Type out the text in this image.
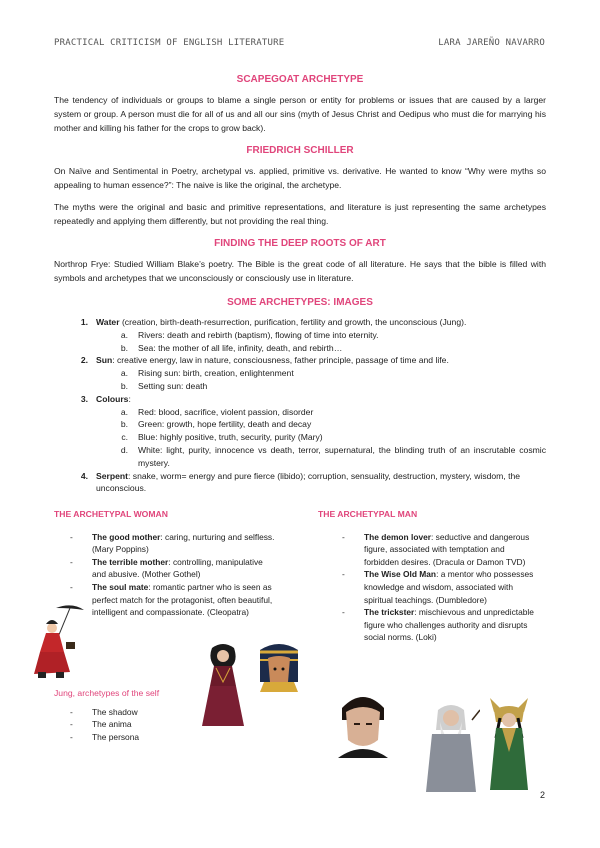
PRACTICAL CRITICISM OF ENGLISH LITERATURE	LARA JAREÑO NAVARRO
SCAPEGOAT ARCHETYPE
The tendency of individuals or groups to blame a single person or entity for problems or issues that are caused by a larger system or group. A person must die for all of us and all our sins (myth of Jesus Christ and Oedipus who must die for marrying his mother and killing his father for the crops to grow back).
FRIEDRICH SCHILLER
On Naïve and Sentimental in Poetry, archetypal vs. applied, primitive vs. derivative. He wanted to know “Why were myths so appealing to human essence?”: The naive is like the original, the archetype.
The myths were the original and basic and primitive representations, and literature is just representing the same archetypes repeatedly and applying them differently, but not providing the real thing.
FINDING THE DEEP ROOTS OF ART
Northrop Frye: Studied William Blake’s poetry. The Bible is the great code of all literature. He says that the bible is filled with symbols and archetypes that we unconsciously or consciously use in literature.
SOME ARCHETYPES: IMAGES
1. Water (creation, birth-death-resurrection, purification, fertility and growth, the unconscious (Jung).
a.	Rivers: death and rebirth (baptism), flowing of time into eternity.
b.	Sea: the mother of all life, infinity, death, and rebirth…
2. Sun: creative energy, law in nature, consciousness, father principle, passage of time and life.
a.	Rising sun: birth, creation, enlightenment
b.	Setting sun: death
3. Colours:
a.	Red: blood, sacrifice, violent passion, disorder
b.	Green: growth, hope fertility, death and decay
c.	Blue: highly positive, truth, security, purity (Mary)
d.	White: light, purity, innocence vs death, terror, supernatural, the blinding truth of an inscrutable cosmic mystery.
4. Serpent: snake, worm= energy and pure fierce (libido); corruption, sensuality, destruction, mystery, wisdom, the unconscious.
THE ARCHETYPAL WOMAN
-	The good mother: caring, nurturing and selfless. (Mary Poppins)
-	The terrible mother: controlling, manipulative and abusive. (Mother Gothel)
-	The soul mate: romantic partner who is seen as perfect match for the protagonist, often beautiful, intelligent and compassionate. (Cleopatra)
THE ARCHETYPAL MAN
-	The demon lover: seductive and dangerous figure, associated with temptation and forbidden desires. (Dracula or Damon TVD)
-	The Wise Old Man: a mentor who possesses knowledge and wisdom, associated with spiritual teachings. (Dumbledore)
-	The trickster: mischievous and unpredictable figure who challenges authority and disrupts social norms. (Loki)
Jung, archetypes of the self
-	The shadow
-	The anima
-	The persona
2
